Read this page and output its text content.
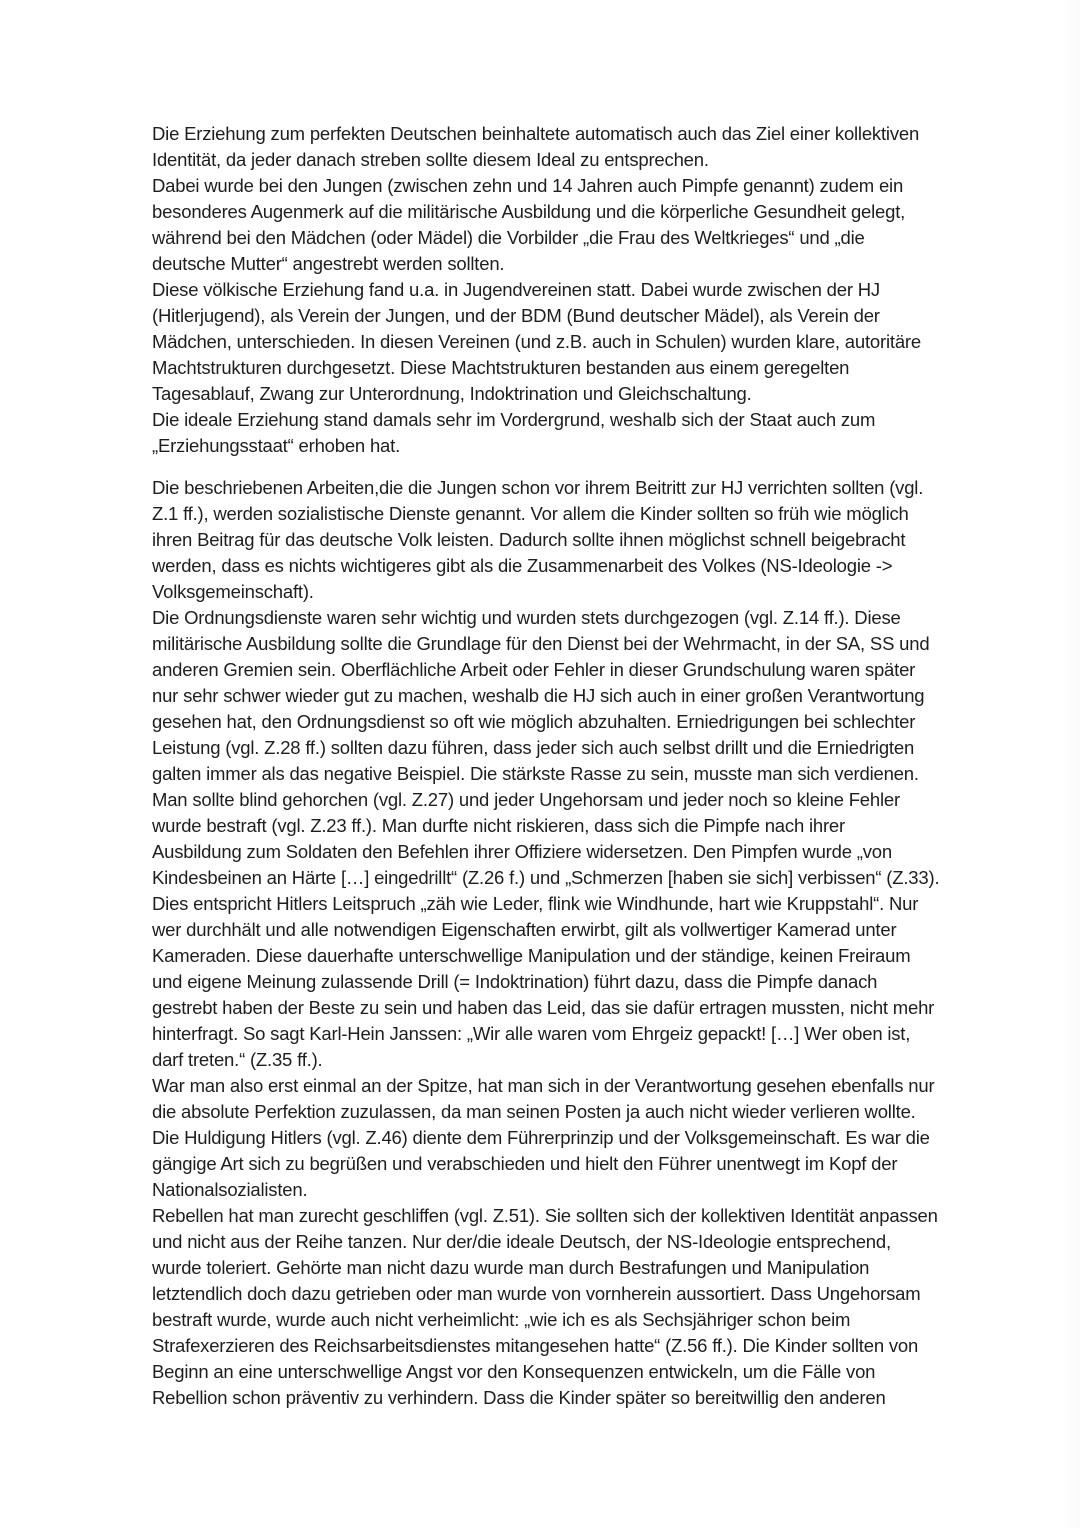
Die Erziehung zum perfekten Deutschen beinhaltete automatisch auch das Ziel einer kollektiven
Identität, da jeder danach streben sollte diesem Ideal zu entsprechen.
Dabei wurde bei den Jungen (zwischen zehn und 14 Jahren auch Pimpfe genannt) zudem ein
besonderes Augenmerk auf die militärische Ausbildung und die körperliche Gesundheit gelegt,
während bei den Mädchen (oder Mädel) die Vorbilder „die Frau des Weltkrieges“ und „die
deutsche Mutter“ angestrebt werden sollten.
Diese völkische Erziehung fand u.a. in Jugendvereinen statt. Dabei wurde zwischen der HJ
(Hitlerjugend), als Verein der Jungen, und der BDM (Bund deutscher Mädel), als Verein der
Mädchen, unterschieden. In diesen Vereinen (und z.B. auch in Schulen) wurden klare, autoritäre
Machtstrukturen durchgesetzt. Diese Machtstrukturen bestanden aus einem geregelten
Tagesablauf, Zwang zur Unterordnung, Indoktrination und Gleichschaltung.
Die ideale Erziehung stand damals sehr im Vordergrund, weshalb sich der Staat auch zum
„Erziehungsstaat“ erhoben hat.
Die beschriebenen Arbeiten,die die Jungen schon vor ihrem Beitritt zur HJ verrichten sollten (vgl.
Z.1 ff.), werden sozialistische Dienste genannt. Vor allem die Kinder sollten so früh wie möglich
ihren Beitrag für das deutsche Volk leisten. Dadurch sollte ihnen möglichst schnell beigebracht
werden, dass es nichts wichtigeres gibt als die Zusammenarbeit des Volkes (NS-Ideologie ->
Volksgemeinschaft).
Die Ordnungsdienste waren sehr wichtig und wurden stets durchgezogen (vgl. Z.14 ff.). Diese
militärische Ausbildung sollte die Grundlage für den Dienst bei der Wehrmacht, in der SA, SS und
anderen Gremien sein. Oberflächliche Arbeit oder Fehler in dieser Grundschulung waren später
nur sehr schwer wieder gut zu machen, weshalb die HJ sich auch in einer großen Verantwortung
gesehen hat, den Ordnungsdienst so oft wie möglich abzuhalten. Erniedrigungen bei schlechter
Leistung (vgl. Z.28 ff.) sollten dazu führen, dass jeder sich auch selbst drillt und die Erniedrigten
galten immer als das negative Beispiel. Die stärkste Rasse zu sein, musste man sich verdienen.
Man sollte blind gehorchen (vgl. Z.27) und jeder Ungehorsam und jeder noch so kleine Fehler
wurde bestraft (vgl. Z.23 ff.). Man durfte nicht riskieren, dass sich die Pimpfe nach ihrer
Ausbildung zum Soldaten den Befehlen ihrer Offiziere widersetzen. Den Pimpfen wurde „von
Kindesbeinen an Härte […] eingedrillt“ (Z.26 f.) und „Schmerzen [haben sie sich] verbissen“ (Z.33).
Dies entspricht Hitlers Leitspruch „zäh wie Leder, flink wie Windhunde, hart wie Kruppstahl“. Nur
wer durchhält und alle notwendigen Eigenschaften erwirbt, gilt als vollwertiger Kamerad unter
Kameraden. Diese dauerhafte unterschwellige Manipulation und der ständige, keinen Freiraum
und eigene Meinung zulassende Drill (= Indoktrination) führt dazu, dass die Pimpfe danach
gestrebt haben der Beste zu sein und haben das Leid, das sie dafür ertragen mussten, nicht mehr
hinterfragt. So sagt Karl-Hein Janssen: „Wir alle waren vom Ehrgeiz gepackt! […] Wer oben ist,
darf treten.“ (Z.35 ff.).
War man also erst einmal an der Spitze, hat man sich in der Verantwortung gesehen ebenfalls nur
die absolute Perfektion zuzulassen, da man seinen Posten ja auch nicht wieder verlieren wollte.
Die Huldigung Hitlers (vgl. Z.46) diente dem Führerprinzip und der Volksgemeinschaft. Es war die
gängige Art sich zu begrüßen und verabschieden und hielt den Führer unentwegt im Kopf der
Nationalsozialisten.
Rebellen hat man zurecht geschliffen (vgl. Z.51). Sie sollten sich der kollektiven Identität anpassen
und nicht aus der Reihe tanzen. Nur der/die ideale Deutsch, der NS-Ideologie entsprechend,
wurde toleriert. Gehörte man nicht dazu wurde man durch Bestrafungen und Manipulation
letztendlich doch dazu getrieben oder man wurde von vornherein aussortiert. Dass Ungehorsam
bestraft wurde, wurde auch nicht verheimlicht: „wie ich es als Sechsjähriger schon beim
Strafexerzieren des Reichsarbeitsdienstes mitangesehen hatte“ (Z.56 ff.). Die Kinder sollten von
Beginn an eine unterschwellige Angst vor den Konsequenzen entwickeln, um die Fälle von
Rebellion schon präventiv zu verhindern. Dass die Kinder später so bereitwillig den anderen
